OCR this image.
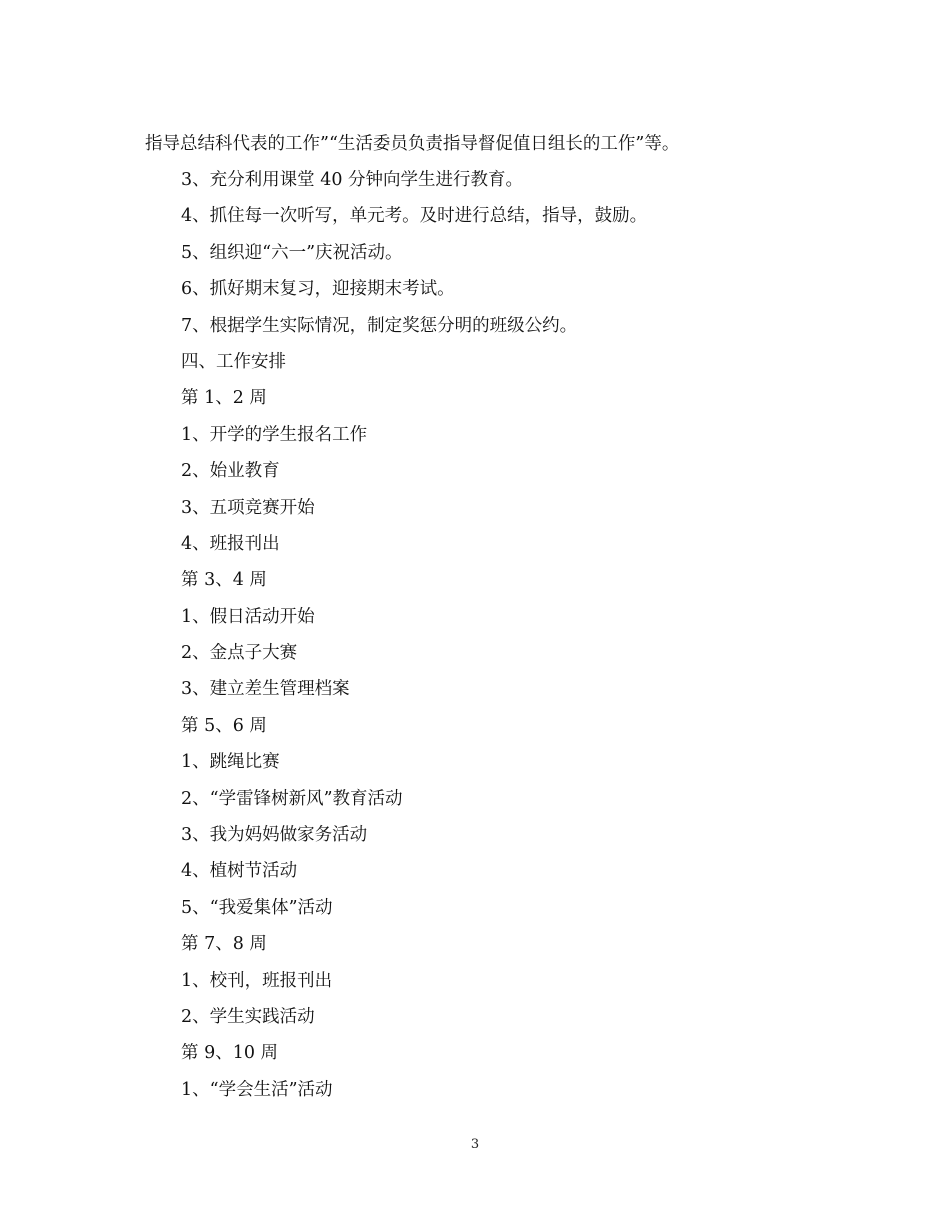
指导总结科代表的工作”“生活委员负责指导督促值日组长的工作”等。
3、充分利用课堂 40 分钟向学生进行教育。
4、抓住每一次听写，单元考。及时进行总结，指导，鼓励。
5、组织迎“六一”庆祝活动。
6、抓好期末复习，迎接期末考试。
7、根据学生实际情况，制定奖惩分明的班级公约。
四、工作安排
第 1、2 周
1、开学的学生报名工作
2、始业教育
3、五项竞赛开始
4、班报刊出
第 3、4 周
1、假日活动开始
2、金点子大赛
3、建立差生管理档案
第 5、6 周
1、跳绳比赛
2、“学雷锋树新风”教育活动
3、我为妈妈做家务活动
4、植树节活动
5、“我爱集体”活动
第 7、8 周
1、校刊，班报刊出
2、学生实践活动
第 9、10 周
1、“学会生活”活动
3
